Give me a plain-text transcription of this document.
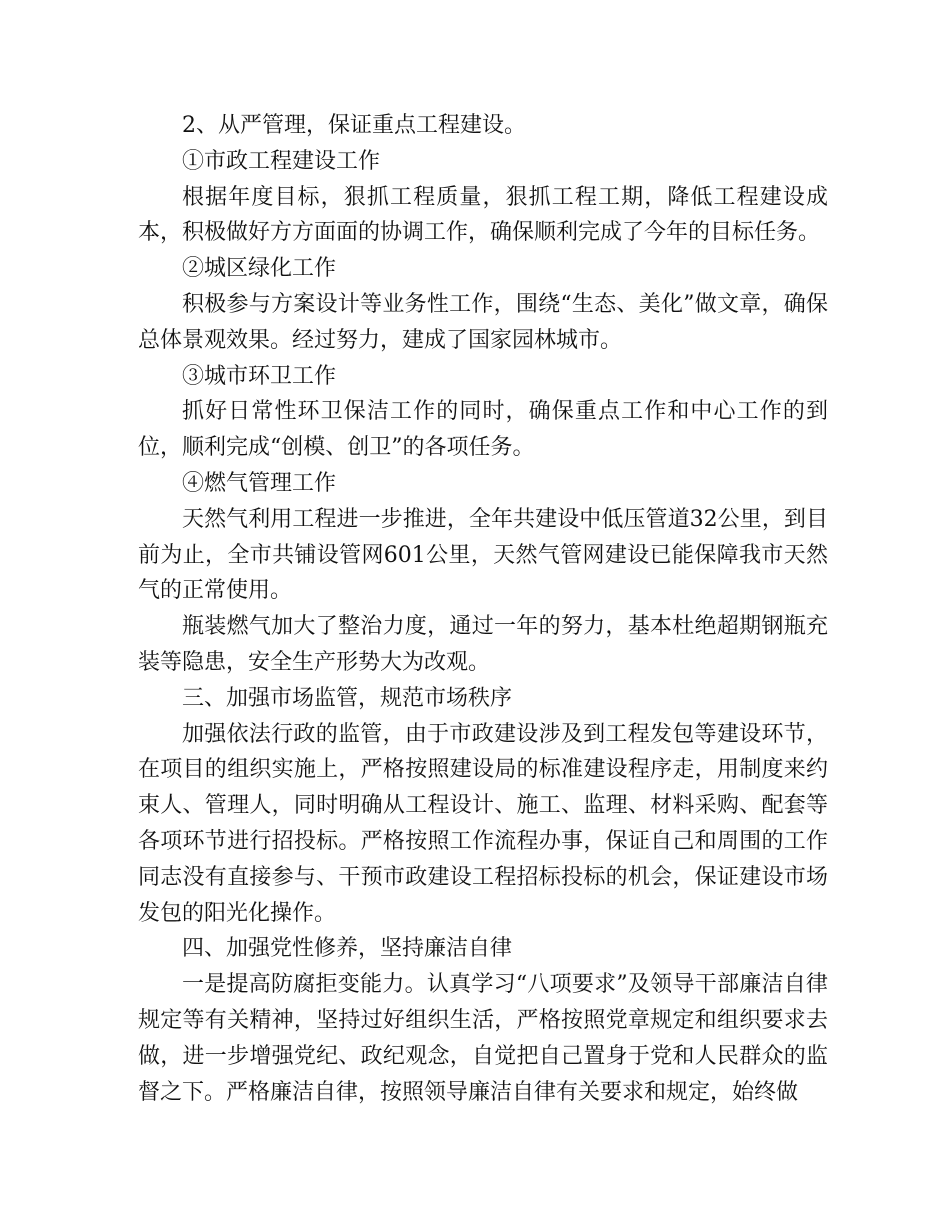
2、从严管理，保证重点工程建设。

①市政工程建设工作

根据年度目标，狠抓工程质量，狠抓工程工期，降低工程建设成本，积极做好方方面面的协调工作，确保顺利完成了今年的目标任务。

②城区绿化工作

积极参与方案设计等业务性工作，围绕“生态、美化”做文章，确保总体景观效果。经过努力，建成了国家园林城市。

③城市环卫工作

抓好日常性环卫保洁工作的同时，确保重点工作和中心工作的到位，顺利完成“创模、创卫”的各项任务。

④燃气管理工作

天然气利用工程进一步推进，全年共建设中低压管道32公里，到目前为止，全市共铺设管网601公里，天然气管网建设已能保障我市天然气的正常使用。

瓶装燃气加大了整治力度，通过一年的努力，基本杜绝超期钢瓶充装等隐患，安全生产形势大为改观。

三、加强市场监管，规范市场秩序

加强依法行政的监管，由于市政建设涉及到工程发包等建设环节，在项目的组织实施上，严格按照建设局的标准建设程序走，用制度来约束人、管理人，同时明确从工程设计、施工、监理、材料采购、配套等各项环节进行招投标。严格按照工作流程办事，保证自己和周围的工作同志没有直接参与、干预市政建设工程招标投标的机会，保证建设市场发包的阳光化操作。

四、加强党性修养，坚持廉洁自律

一是提高防腐拒变能力。认真学习“八项要求”及领导干部廉洁自律规定等有关精神，坚持过好组织生活，严格按照党章规定和组织要求去做，进一步增强党纪、政纪观念，自觉把自己置身于党和人民群众的监督之下。严格廉洁自律，按照领导廉洁自律有关要求和规定，始终做
